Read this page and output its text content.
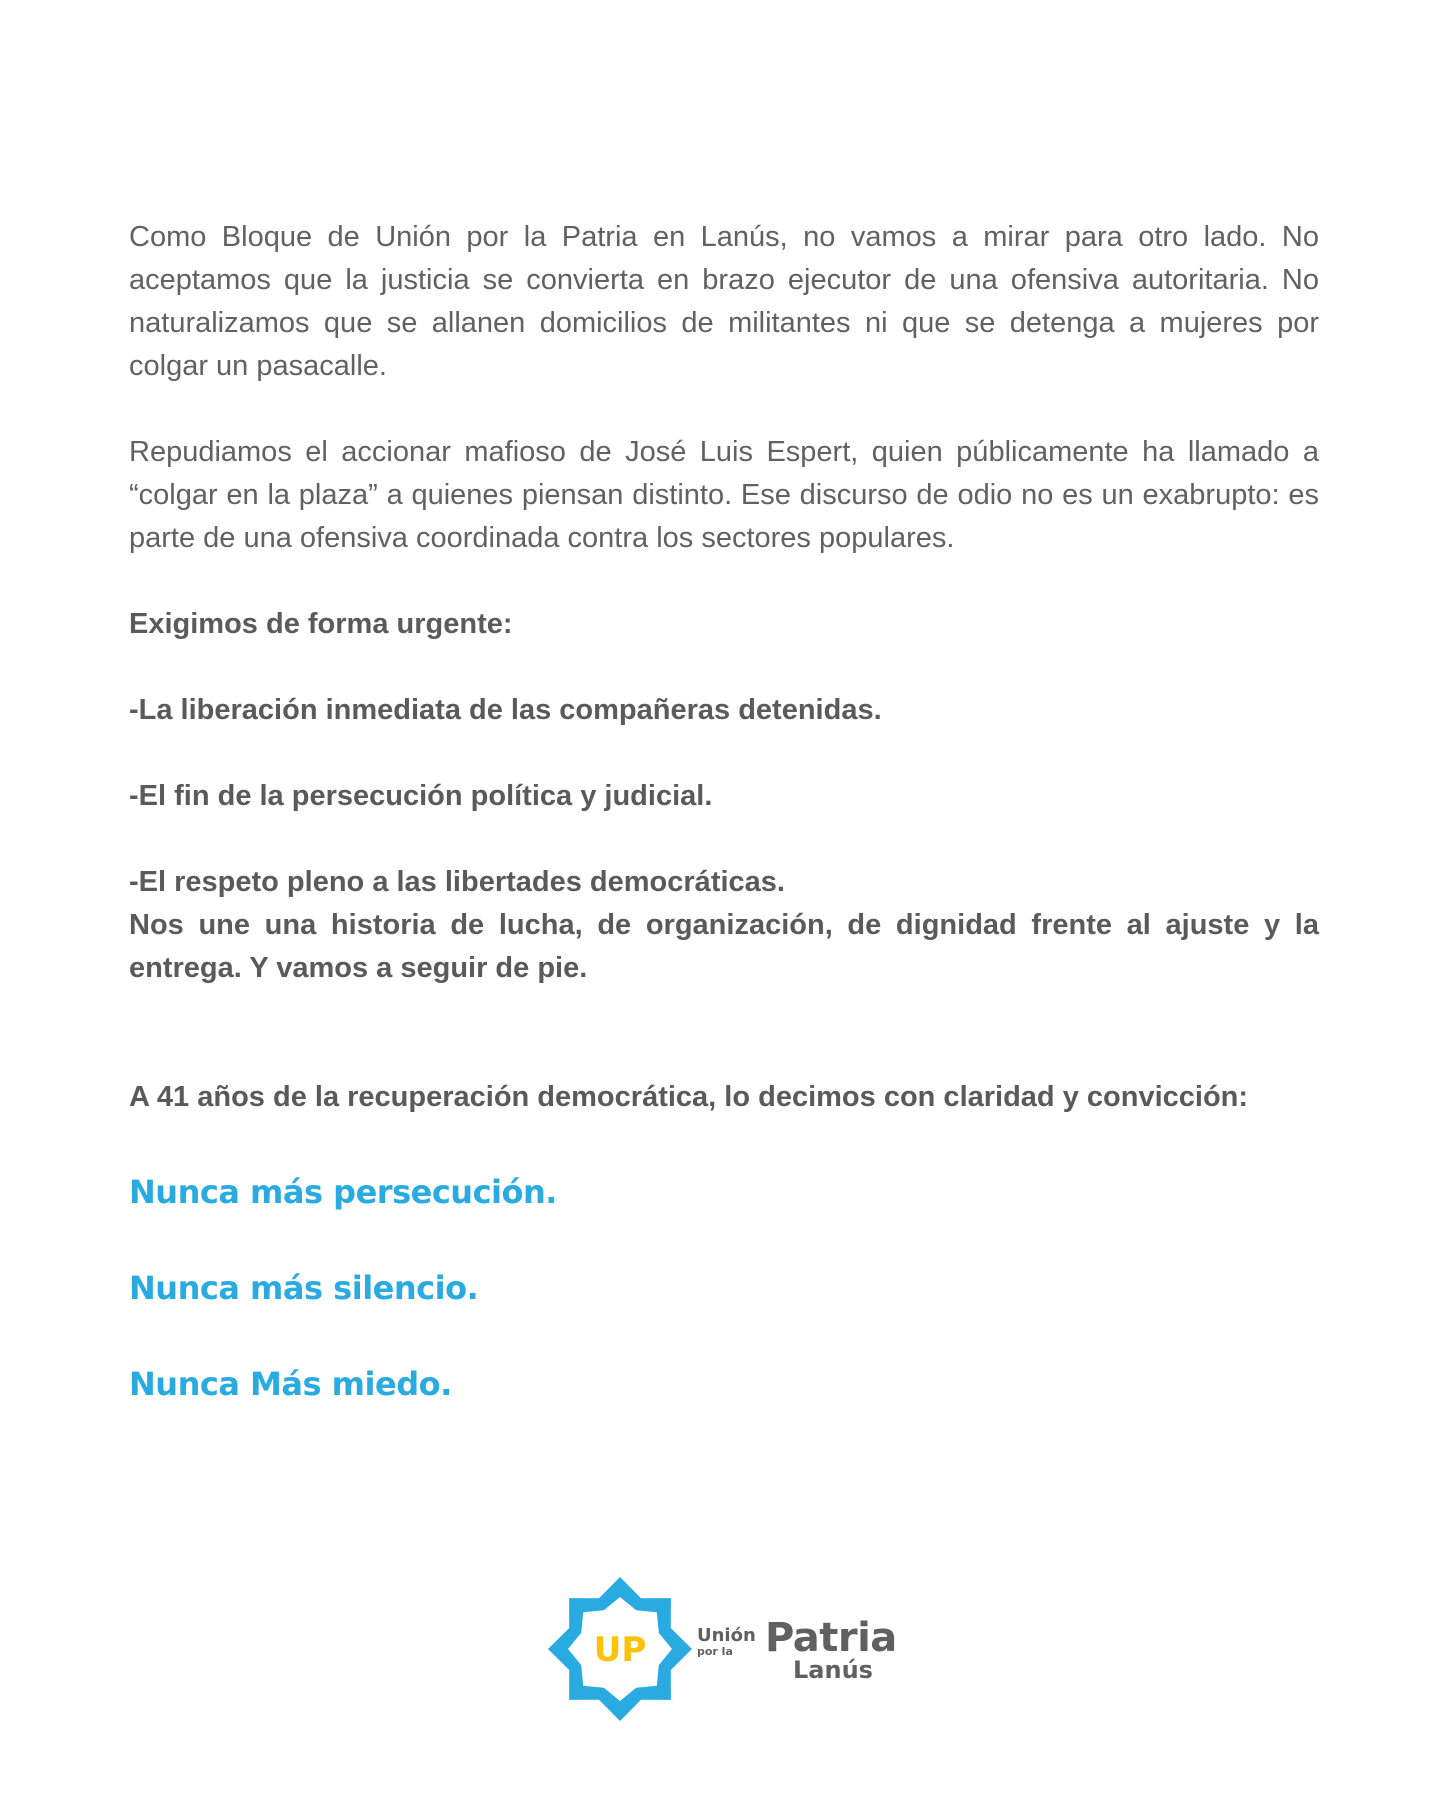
Como Bloque de Unión por la Patria en Lanús, no vamos a mirar para otro lado. No aceptamos que la justicia se convierta en brazo ejecutor de una ofensiva autoritaria. No naturalizamos que se allanen domicilios de militantes ni que se detenga a mujeres por colgar un pasacalle.

Repudiamos el accionar mafioso de José Luis Espert, quien públicamente ha llamado a “colgar en la plaza” a quienes piensan distinto. Ese discurso de odio no es un exabrupto: es parte de una ofensiva coordinada contra los sectores populares.

Exigimos de forma urgente:

-La liberación inmediata de las compañeras detenidas.

-El fin de la persecución política y judicial.

-El respeto pleno a las libertades democráticas.

Nos une una historia de lucha, de organización, de dignidad frente al ajuste y la entrega. Y vamos a seguir de pie.

A 41 años de la recuperación democrática, lo decimos con claridad y convicción:

Nunca más persecución.

Nunca más silencio.

Nunca Más miedo.

UP	Unión
por la Patria
Lanús
